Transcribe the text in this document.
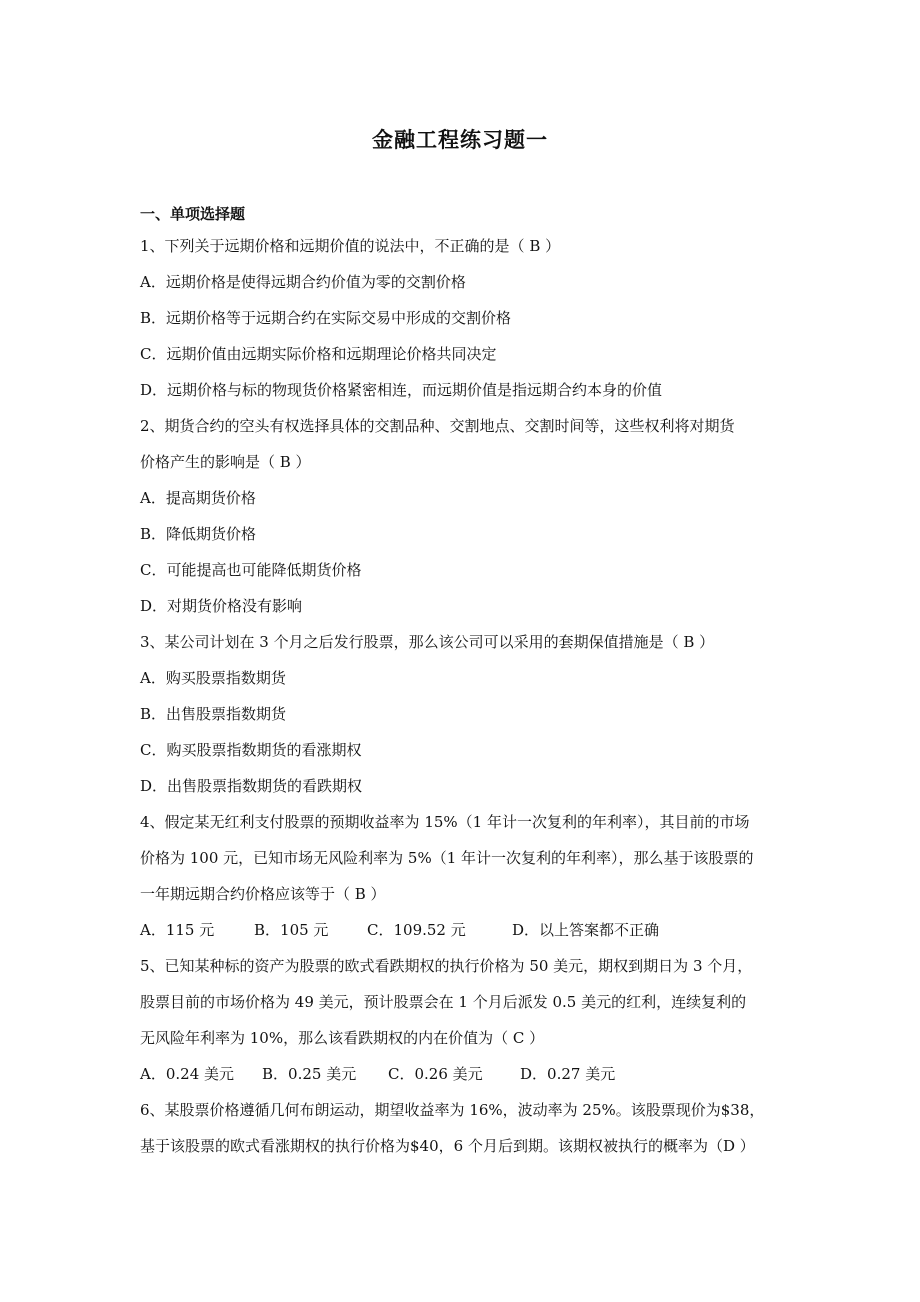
金融工程练习题一
一、单项选择题
1、下列关于远期价格和远期价值的说法中，不正确的是（ B ）
A．远期价格是使得远期合约价值为零的交割价格
B．远期价格等于远期合约在实际交易中形成的交割价格
C．远期价值由远期实际价格和远期理论价格共同决定
D．远期价格与标的物现货价格紧密相连，而远期价值是指远期合约本身的价值
2、期货合约的空头有权选择具体的交割品种、交割地点、交割时间等，这些权利将对期货
价格产生的影响是（ B ）
A．提高期货价格
B．降低期货价格
C．可能提高也可能降低期货价格
D．对期货价格没有影响
3、某公司计划在 3 个月之后发行股票，那么该公司可以采用的套期保值措施是（ B ）
A．购买股票指数期货
B．出售股票指数期货
C．购买股票指数期货的看涨期权
D．出售股票指数期货的看跌期权
4、假定某无红利支付股票的预期收益率为 15%（1 年计一次复利的年利率），其目前的市场
价格为 100 元，已知市场无风险利率为 5%（1 年计一次复利的年利率），那么基于该股票的
一年期远期合约价格应该等于（ B ）
A．115 元	B．105 元	C．109.52 元	D．以上答案都不正确
5、已知某种标的资产为股票的欧式看跌期权的执行价格为 50 美元，期权到期日为 3 个月，
股票目前的市场价格为 49 美元，预计股票会在 1 个月后派发 0.5 美元的红利，连续复利的
无风险年利率为 10%，那么该看跌期权的内在价值为（ C ）
A．0.24 美元	B．0.25 美元	C．0.26 美元	D．0.27 美元
6、某股票价格遵循几何布朗运动，期望收益率为 16%，波动率为 25%。该股票现价为$38，
基于该股票的欧式看涨期权的执行价格为$40，6 个月后到期。该期权被执行的概率为（D ）
